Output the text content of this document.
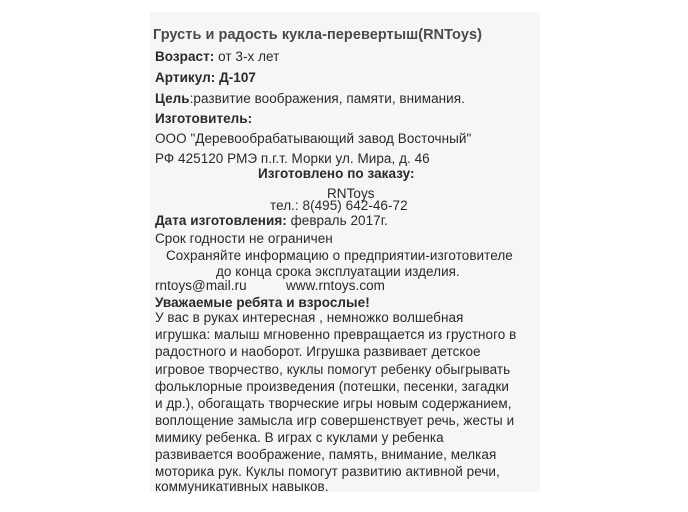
Грусть и радость кукла-перевертыш(RNToys)
Возраст: от 3-х лет
Артикул: Д-107
Цель:развитие воображения, памяти, внимания.
Изготовитель:
ООО "Деревообрабатывающий завод Восточный"
РФ 425120 РМЭ п.г.т. Морки ул. Мира, д. 46
Изготовлено по заказу:
RNToys
тел.: 8(495) 642-46-72
Дата изготовления: февраль 2017г.
Срок годности не ограничен
Сохраняйте информацию о предприятии-изготовителе
до конца срока эксплуатации изделия.
rntoys@mail.ru	www.rntoys.com
Уважаемые ребята и взрослые!
У вас в руках интересная , немножко волшебная
игрушка: малыш мгновенно превращается из грустного в
радостного и наоборот. Игрушка развивает детское
игровое творчество, куклы помогут ребенку обыгрывать
фольклорные произведения (потешки, песенки, загадки
и др.), обогащать творческие игры новым содержанием,
воплощение замысла игр совершенствует речь, жесты и
мимику ребенка. В играх с куклами у ребенка
развивается воображение, память, внимание, мелкая
моторика рук. Куклы помогут развитию активной речи,
коммуникативных навыков.
